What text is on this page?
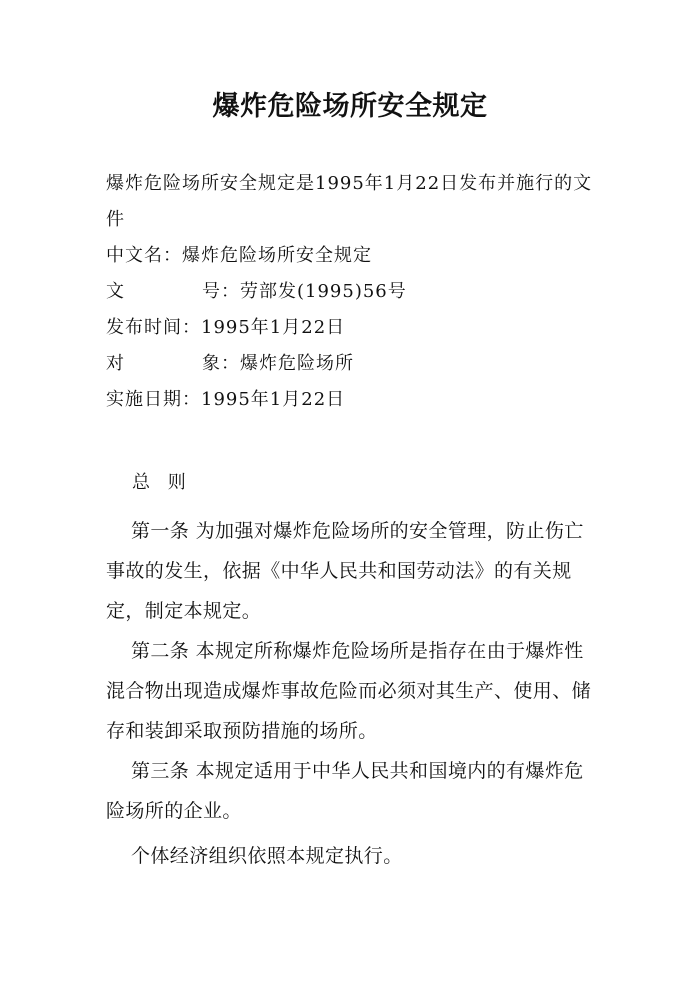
爆炸危险场所安全规定
爆炸危险场所安全规定是1995年1月22日发布并施行的文件
中文名：爆炸危险场所安全规定
文	号：劳部发(1995)56号
发布时间：1995年1月22日
对	象：爆炸危险场所
实施日期：1995年1月22日
总 则
第一条 为加强对爆炸危险场所的安全管理，防止伤亡事故的发生，依据《中华人民共和国劳动法》的有关规定，制定本规定。
第二条 本规定所称爆炸危险场所是指存在由于爆炸性混合物出现造成爆炸事故危险而必须对其生产、使用、储存和装卸采取预防措施的场所。
第三条 本规定适用于中华人民共和国境内的有爆炸危险场所的企业。
个体经济组织依照本规定执行。
